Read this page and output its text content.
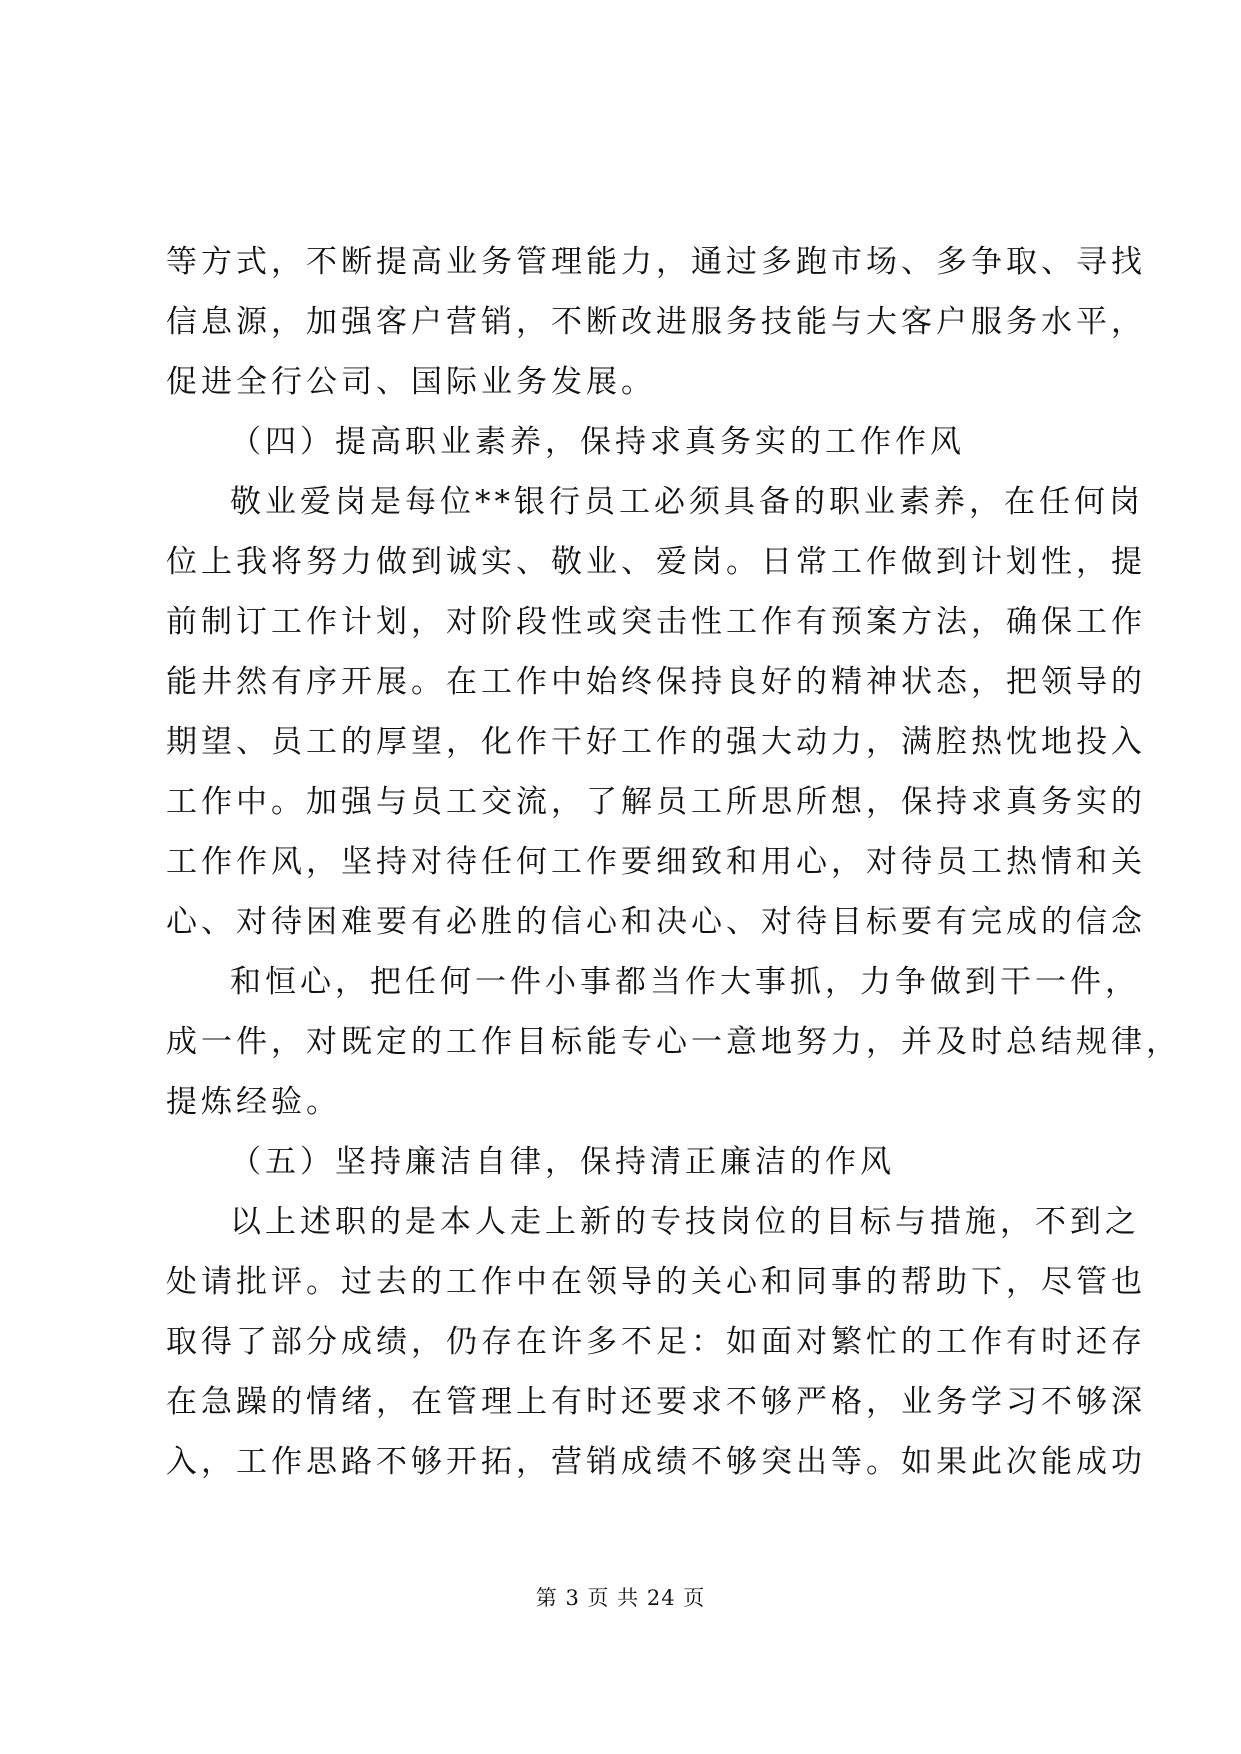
等方式，不断提高业务管理能力，通过多跑市场、多争取、寻找
信息源，加强客户营销，不断改进服务技能与大客户服务水平，
促进全行公司、国际业务发展。
（四）提高职业素养，保持求真务实的工作作风
敬业爱岗是每位**银行员工必须具备的职业素养，在任何岗
位上我将努力做到诚实、敬业、爱岗。日常工作做到计划性，提
前制订工作计划，对阶段性或突击性工作有预案方法，确保工作
能井然有序开展。在工作中始终保持良好的精神状态，把领导的
期望、员工的厚望，化作干好工作的强大动力，满腔热忱地投入
工作中。加强与员工交流，了解员工所思所想，保持求真务实的
工作作风，坚持对待任何工作要细致和用心，对待员工热情和关
心、对待困难要有必胜的信心和决心、对待目标要有完成的信念
和恒心，把任何一件小事都当作大事抓，力争做到干一件，
成一件，对既定的工作目标能专心一意地努力，并及时总结规律，
提炼经验。
（五）坚持廉洁自律，保持清正廉洁的作风
以上述职的是本人走上新的专技岗位的目标与措施，不到之
处请批评。过去的工作中在领导的关心和同事的帮助下，尽管也
取得了部分成绩，仍存在许多不足：如面对繁忙的工作有时还存
在急躁的情绪，在管理上有时还要求不够严格，业务学习不够深
入，工作思路不够开拓，营销成绩不够突出等。如果此次能成功
第 3 页 共 24 页
